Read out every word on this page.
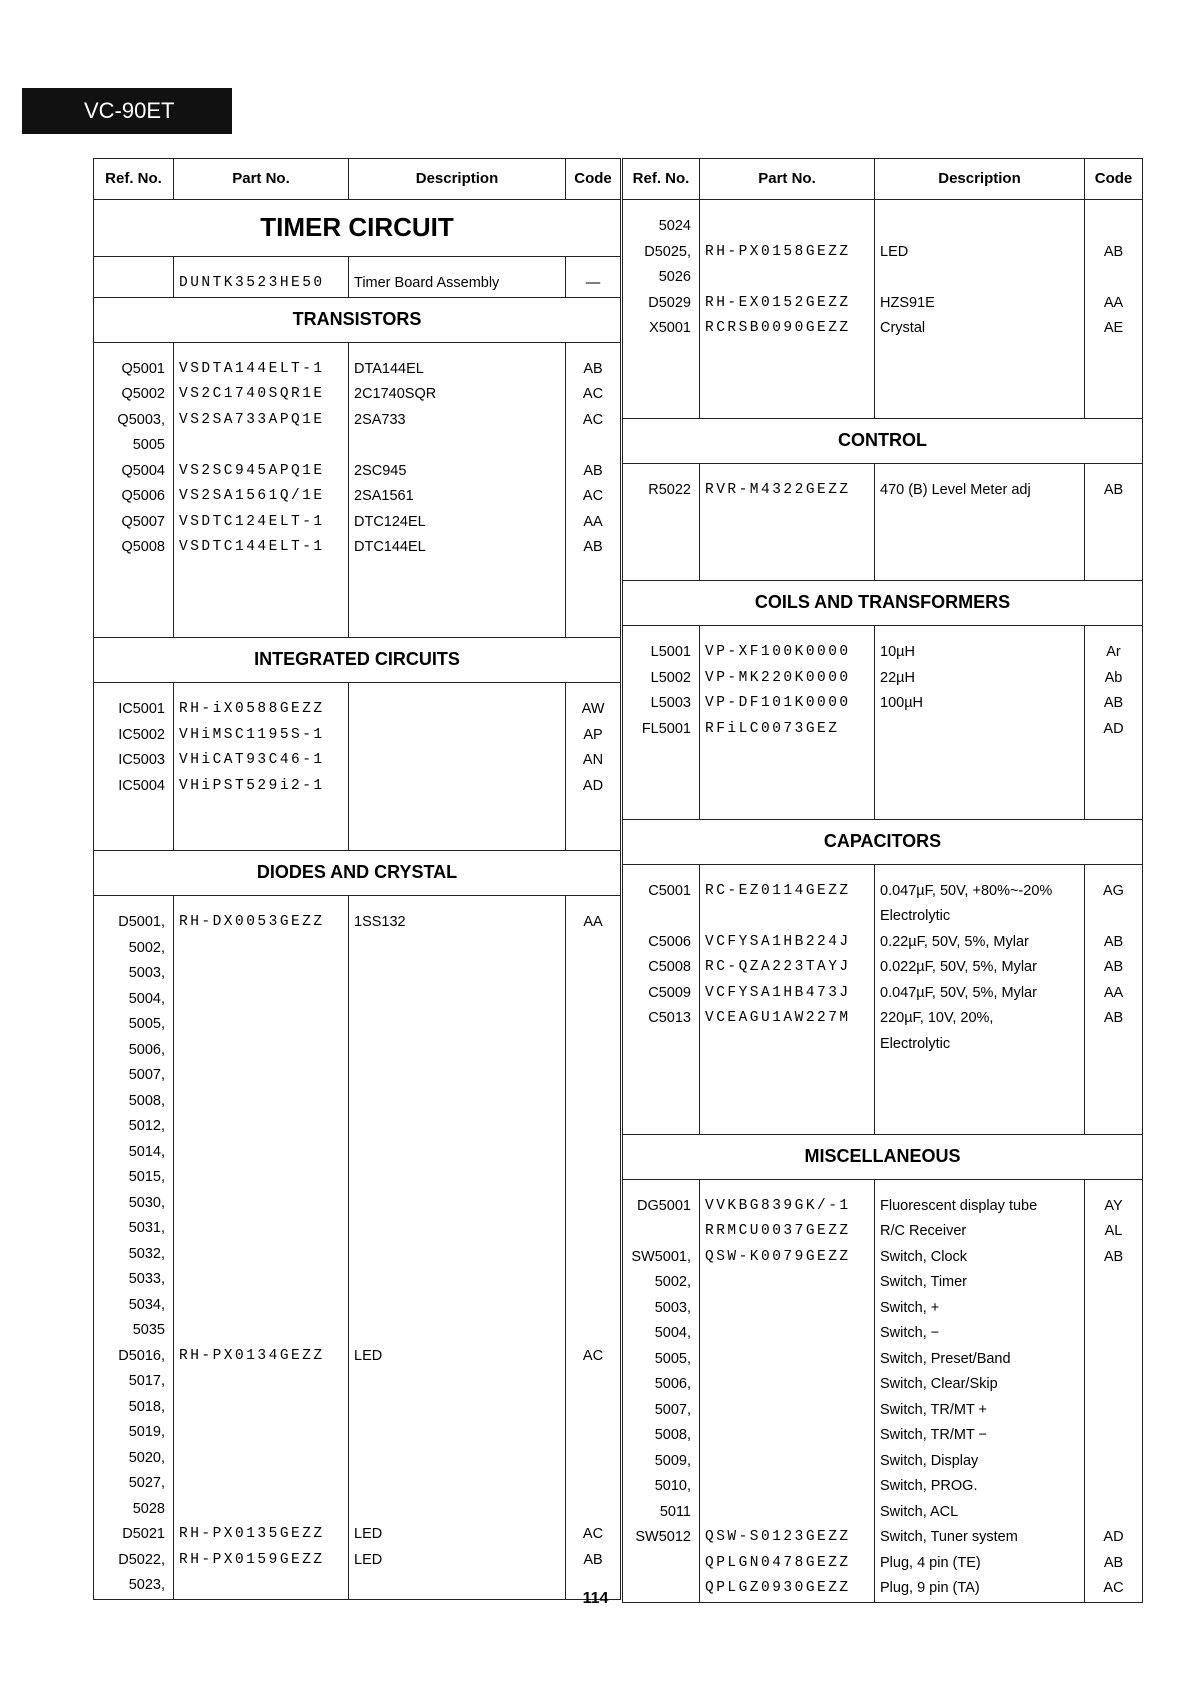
VC-90ET
Ref. No.	Part No.	Description	Code
TIMER CIRCUIT			

	DUNTK3523HE50	Timer Board Assembly	—
TRANSISTORS			

Q5001	VSDTA144ELT-1	DTA144EL	AB
Q5002	VS2C1740SQR1E	2C1740SQR	AC
Q5003,	VS2SA733APQ1E	2SA733	AC
5005			
Q5004	VS2SC945APQ1E	2SC945	AB
Q5006	VS2SA1561Q/1E	2SA1561	AC
Q5007	VSDTC124ELT-1	DTC124EL	AA
Q5008	VSDTC144ELT-1	DTC144EL	AB

INTEGRATED CIRCUITS			

IC5001	RH-iX0588GEZZ		AW
IC5002	VHiMSC1195S-1		AP
IC5003	VHiCAT93C46-1		AN
IC5004	VHiPST529i2-1		AD

DIODES AND CRYSTAL			

D5001,	RH-DX0053GEZZ	1SS132	AA
5002,			
5003,			
5004,			
5005,			
5006,			
5007,			
5008,			
5012,			
5014,			
5015,			
5030,			
5031,			
5032,			
5033,			
5034,			
5035			
D5016,	RH-PX0134GEZZ	LED	AC
5017,			
5018,			
5019,			
5020,			
5027,			
5028			
D5021	RH-PX0135GEZZ	LED	AC
D5022,	RH-PX0159GEZZ	LED	AB
5023,			
Ref. No.	Part No.	Description	Code

5024			
D5025,	RH-PX0158GEZZ	LED	AB
5026			
D5029	RH-EX0152GEZZ	HZS91E	AA
X5001	RCRSB0090GEZZ	Crystal	AE

CONTROL			

R5022	RVR-M4322GEZZ	470 (B) Level Meter adj	AB

COILS AND TRANSFORMERS			

L5001	VP-XF100K0000	10µH	Ar
L5002	VP-MK220K0000	22µH	Ab
L5003	VP-DF101K0000	100µH	AB
FL5001	RFiLC0073GEZ		AD

CAPACITORS			

C5001	RC-EZ0114GEZZ	0.047µF, 50V, +80%~-20%	AG
		Electrolytic	
C5006	VCFYSA1HB224J	0.22µF, 50V, 5%, Mylar	AB
C5008	RC-QZA223TAYJ	0.022µF, 50V, 5%, Mylar	AB
C5009	VCFYSA1HB473J	0.047µF, 50V, 5%, Mylar	AA
C5013	VCEAGU1AW227M	220µF, 10V, 20%,	AB
		Electrolytic	

MISCELLANEOUS			

DG5001	VVKBG839GK/-1	Fluorescent display tube	AY
	RRMCU0037GEZZ	R/C Receiver	AL
SW5001,	QSW-K0079GEZZ	Switch, Clock	AB
5002,		Switch, Timer	
5003,		Switch, +	
5004,		Switch, −	
5005,		Switch, Preset/Band	
5006,		Switch, Clear/Skip	
5007,		Switch, TR/MT +	
5008,		Switch, TR/MT −	
5009,		Switch, Display	
5010,		Switch, PROG.	
5011		Switch, ACL	
SW5012	QSW-S0123GEZZ	Switch, Tuner system	AD
	QPLGN0478GEZZ	Plug, 4 pin (TE)	AB
	QPLGZ0930GEZZ	Plug, 9 pin (TA)	AC
114
